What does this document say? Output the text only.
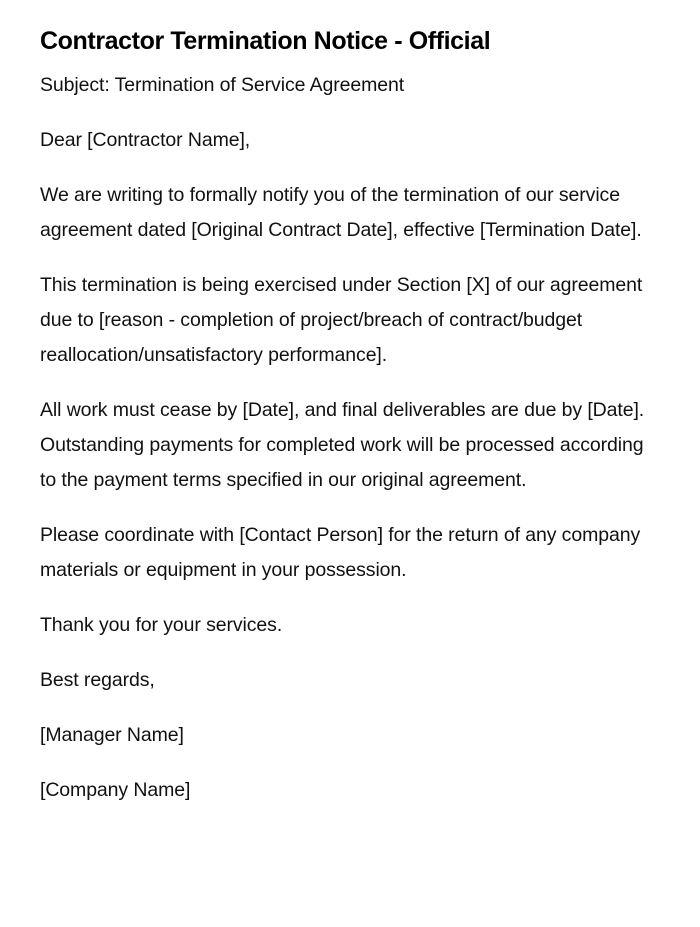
Contractor Termination Notice - Official

Subject: Termination of Service Agreement

Dear [Contractor Name],

We are writing to formally notify you of the termination of our service agreement dated [Original Contract Date], effective [Termination Date].

This termination is being exercised under Section [X] of our agreement due to [reason - completion of project/breach of contract/budget reallocation/unsatisfactory performance].

All work must cease by [Date], and final deliverables are due by [Date]. Outstanding payments for completed work will be processed according to the payment terms specified in our original agreement.

Please coordinate with [Contact Person] for the return of any company materials or equipment in your possession.

Thank you for your services.

Best regards,

[Manager Name]

[Company Name]
